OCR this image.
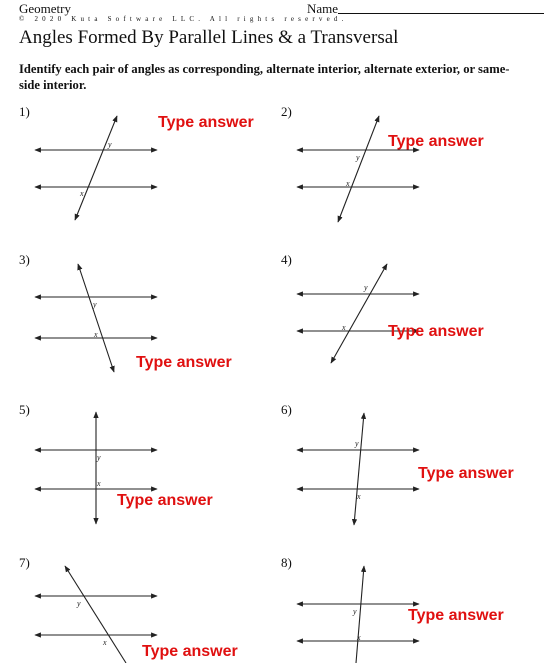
Geometry	Name
© 2020 Kuta Software LLC. All rights reserved.
Angles Formed By Parallel Lines & a Transversal
Identify each pair of angles as corresponding, alternate interior, alternate exterior, or same-side interior.
1)	2)
3)	4)
5)	6)
7)	8)
y
x
y
x
y
x
y
x
y
x
y
x
y
x
y
x
Type answer
Type answer
Type answer
Type answer
Type answer
Type answer
Type answer
Type answer
